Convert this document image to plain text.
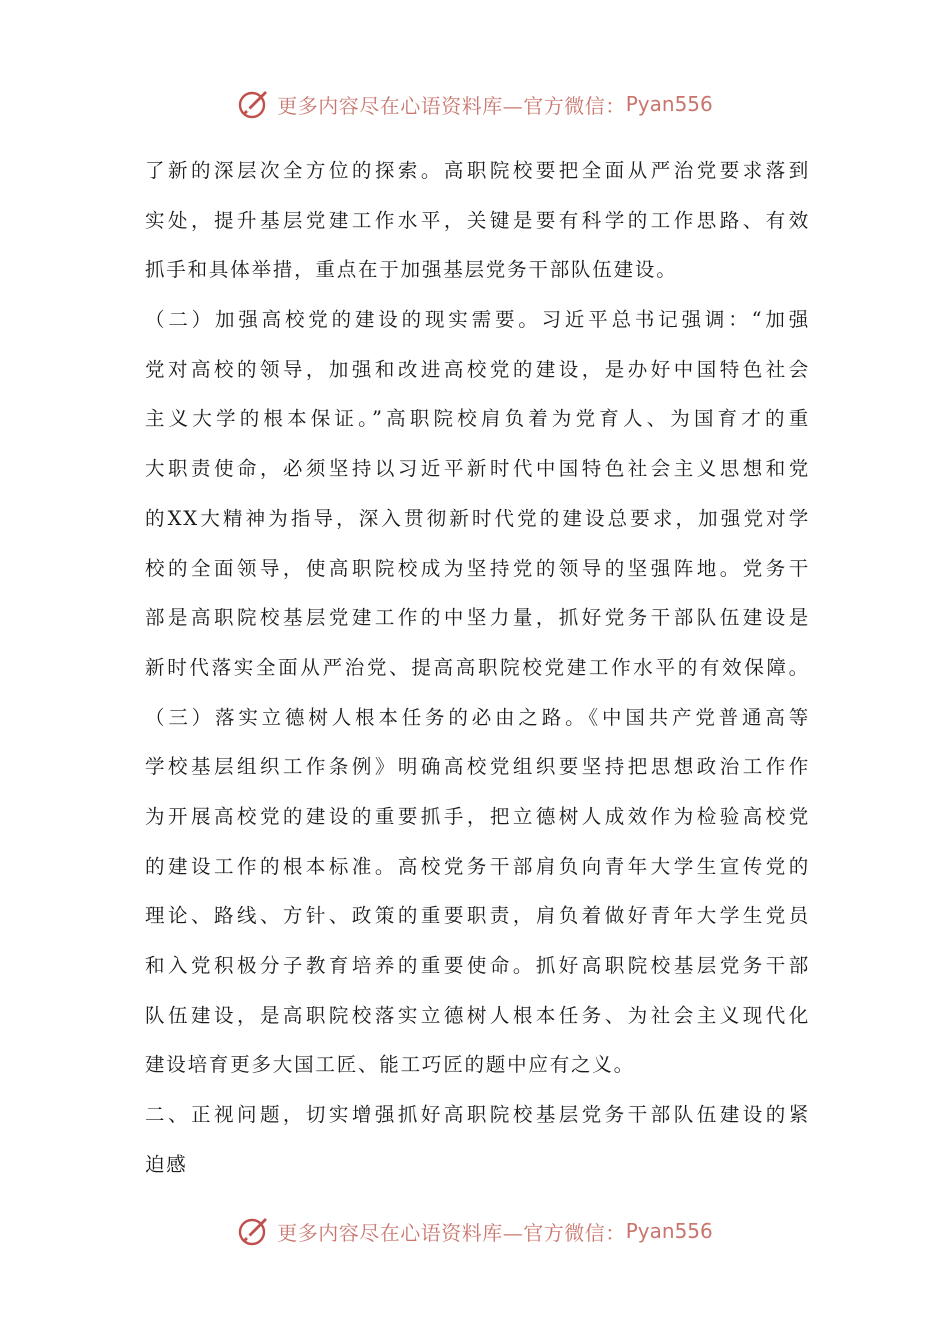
更多内容尽在心语资料库—官方微信： Pyan556
了新的深层次全方位的探索。高职院校要把全面从严治党要求落到
实处，提升基层党建工作水平，关键是要有科学的工作思路、有效
抓手和具体举措，重点在于加强基层党务干部队伍建设。
（二）加强高校党的建设的现实需要。习近平总书记强调：“加强
党对高校的领导，加强和改进高校党的建设，是办好中国特色社会
主义大学的根本保证。”高职院校肩负着为党育人、为国育才的重
大职责使命，必须坚持以习近平新时代中国特色社会主义思想和党
的XX大精神为指导，深入贯彻新时代党的建设总要求，加强党对学
校的全面领导，使高职院校成为坚持党的领导的坚强阵地。党务干
部是高职院校基层党建工作的中坚力量，抓好党务干部队伍建设是
新时代落实全面从严治党、提高高职院校党建工作水平的有效保障。
（三）落实立德树人根本任务的必由之路。《中国共产党普通高等
学校基层组织工作条例》明确高校党组织要坚持把思想政治工作作
为开展高校党的建设的重要抓手，把立德树人成效作为检验高校党
的建设工作的根本标准。高校党务干部肩负向青年大学生宣传党的
理论、路线、方针、政策的重要职责，肩负着做好青年大学生党员
和入党积极分子教育培养的重要使命。抓好高职院校基层党务干部
队伍建设，是高职院校落实立德树人根本任务、为社会主义现代化
建设培育更多大国工匠、能工巧匠的题中应有之义。
二、正视问题，切实增强抓好高职院校基层党务干部队伍建设的紧
迫感
更多内容尽在心语资料库—官方微信： Pyan556
